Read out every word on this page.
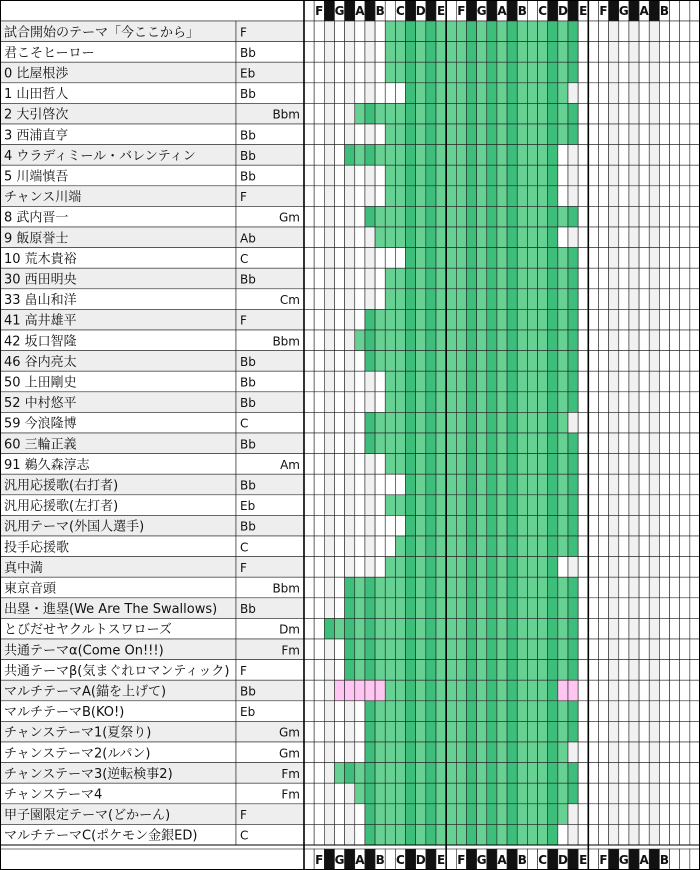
F G A B C D E F G A B C D E F G A B
試合開始のテーマ「今ここから」	F
君こそヒーロー	Bb
0 比屋根渉	Eb
1 山田哲人	Bb
2 大引啓次	Bbm
3 西浦直亨	Bb
4 ウラディミール・バレンティン	Bb
5 川端慎吾	Bb
チャンス川端	F
8 武内晋一	Gm
9 飯原誉士	Ab
10 荒木貴裕	C
30 西田明央	Bb
33 畠山和洋	Cm
41 高井雄平	F
42 坂口智隆	Bbm
46 谷内亮太	Bb
50 上田剛史	Bb
52 中村悠平	Bb
59 今浪隆博	C
60 三輪正義	Bb
91 鵜久森淳志	Am
汎用応援歌(右打者)	Bb
汎用応援歌(左打者)	Eb
汎用テーマ(外国人選手)	Bb
投手応援歌	C
真中満	F
東京音頭	Bbm
出塁・進塁(We Are The Swallows) Bb
とびだせヤクルトスワローズ	Dm
共通テーマα(Come On!!!)	Fm
共通テーマβ(気まぐれロマンティック) F
マルチテーマA(錨を上げて)	Bb
マルチテーマB(KO!)	Eb
チャンステーマ1(夏祭り)	Gm
チャンステーマ2(ルパン)	Gm
チャンステーマ3(逆転検事2)	Fm
チャンステーマ4	Fm
甲子園限定テーマ(どかーん)	F
マルチテーマC(ポケモン金銀ED)	C
F G A B C D E F G A B C D E F G A B
